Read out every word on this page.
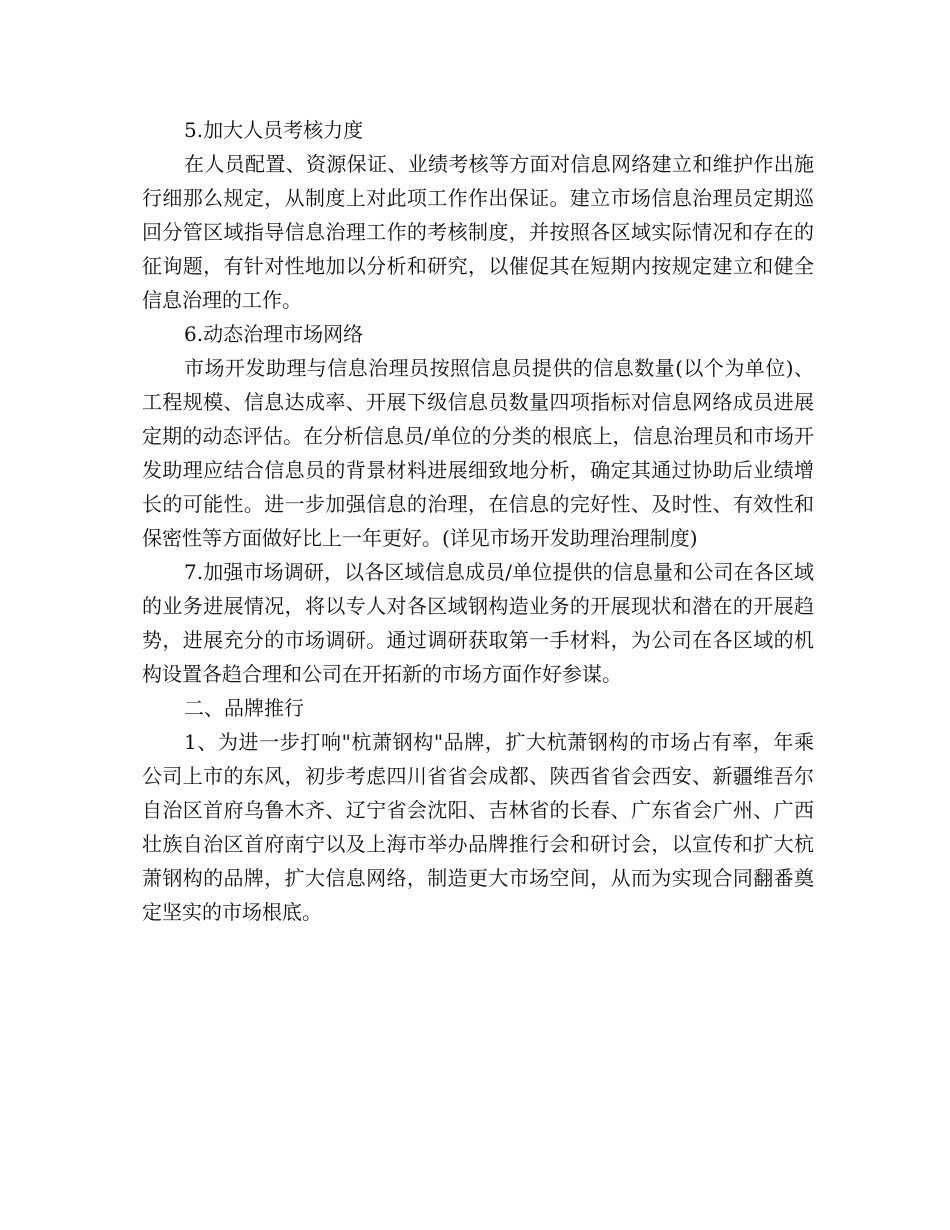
5.加大人员考核力度

在人员配置、资源保证、业绩考核等方面对信息网络建立和维护作出施行细那么规定，从制度上对此项工作作出保证。建立市场信息治理员定期巡回分管区域指导信息治理工作的考核制度，并按照各区域实际情况和存在的征询题，有针对性地加以分析和研究，以催促其在短期内按规定建立和健全信息治理的工作。

6.动态治理市场网络

市场开发助理与信息治理员按照信息员提供的信息数量(以个为单位)、工程规模、信息达成率、开展下级信息员数量四项指标对信息网络成员进展定期的动态评估。在分析信息员/单位的分类的根底上，信息治理员和市场开发助理应结合信息员的背景材料进展细致地分析，确定其通过协助后业绩增长的可能性。进一步加强信息的治理，在信息的完好性、及时性、有效性和保密性等方面做好比上一年更好。(详见市场开发助理治理制度)

7.加强市场调研，以各区域信息成员/单位提供的信息量和公司在各区域的业务进展情况，将以专人对各区域钢构造业务的开展现状和潜在的开展趋势，进展充分的市场调研。通过调研获取第一手材料，为公司在各区域的机构设置各趋合理和公司在开拓新的市场方面作好参谋。

二、品牌推行

1、为进一步打响"杭萧钢构"品牌，扩大杭萧钢构的市场占有率，年乘公司上市的东风，初步考虑四川省省会成都、陕西省省会西安、新疆维吾尔自治区首府乌鲁木齐、辽宁省会沈阳、吉林省的长春、广东省会广州、广西壮族自治区首府南宁以及上海市举办品牌推行会和研讨会，以宣传和扩大杭萧钢构的品牌，扩大信息网络，制造更大市场空间，从而为实现合同翻番奠定坚实的市场根底。
